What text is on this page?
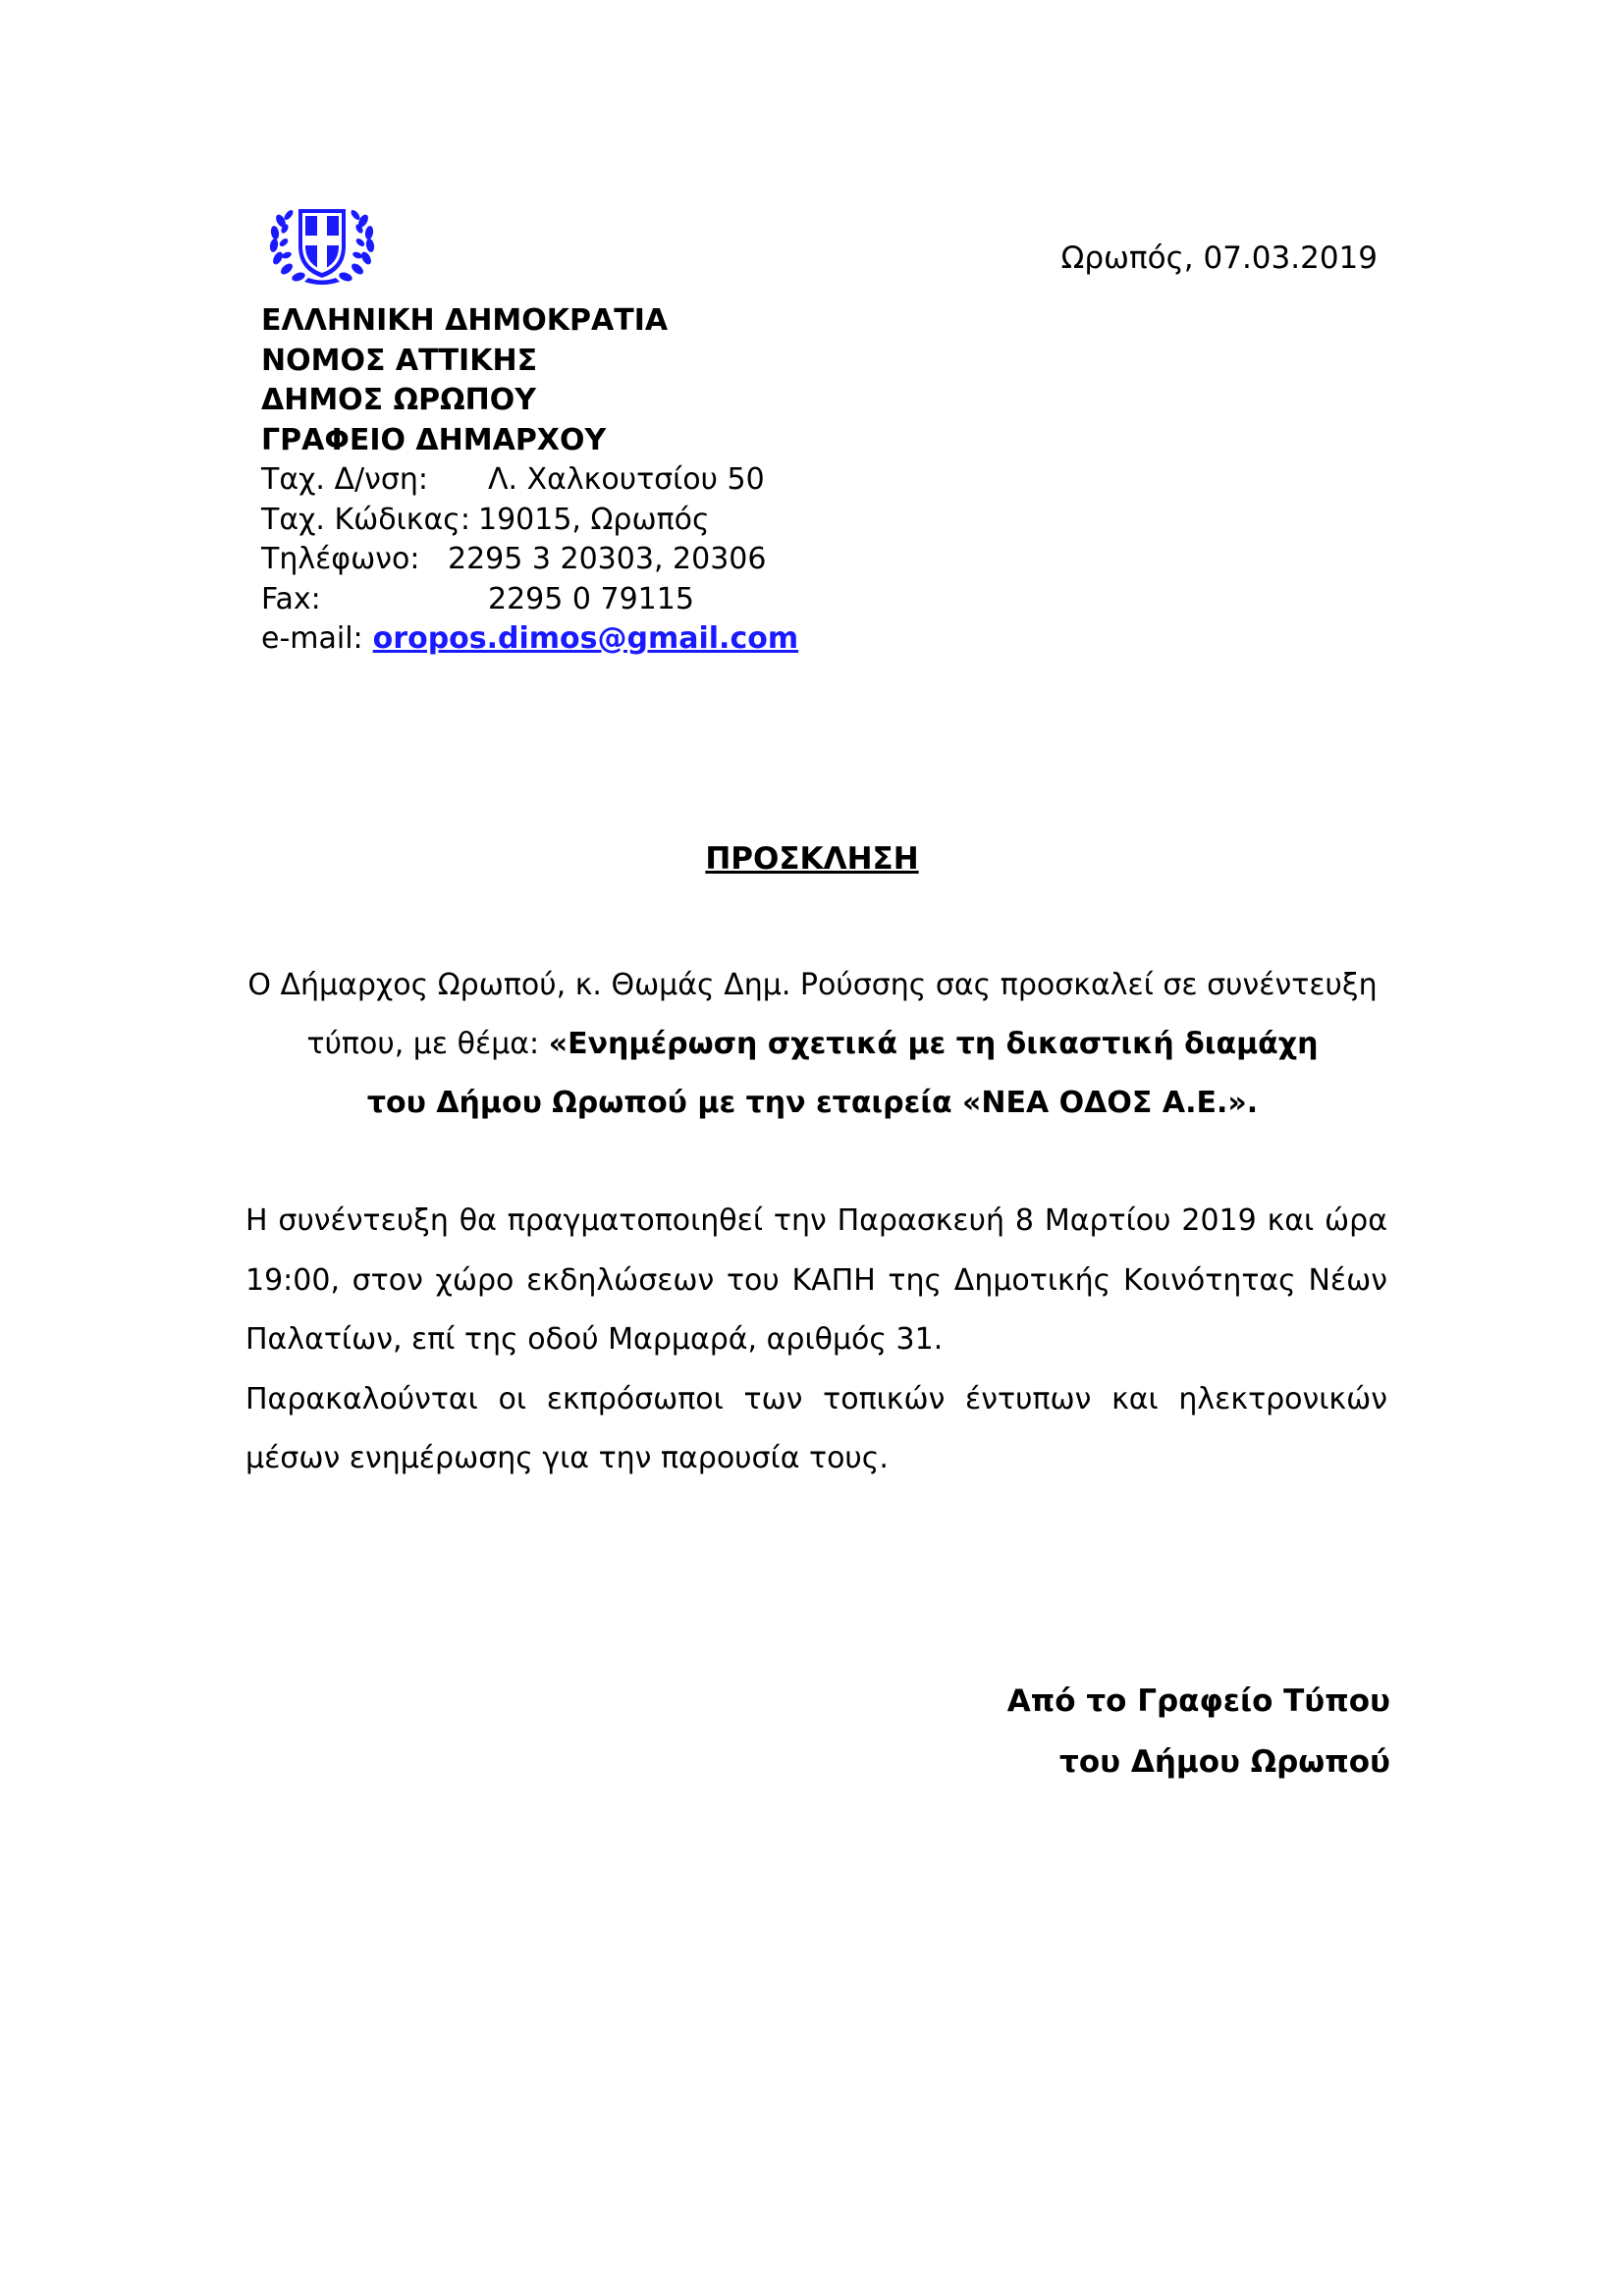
Ωρωπός, 07.03.2019
ΕΛΛΗΝΙΚΗ ΔΗΜΟΚΡΑΤΙΑ
ΝΟΜΟΣ ΑΤΤΙΚΗΣ
ΔΗΜΟΣ ΩΡΩΠΟΥ
ΓΡΑΦΕΙΟ ΔΗΜΑΡΧΟΥ
Ταχ. Δ/νση:	Λ. Χαλκουτσίου 50
Ταχ. Κώδικας: 19015, Ωρωπός
Τηλέφωνο: 2295 3 20303, 20306
Fax:	2295 0 79115
e-mail: oropos.dimos@gmail.com
ΠΡΟΣΚΛΗΣΗ
Ο Δήμαρχος Ωρωπού, κ. Θωμάς Δημ. Ρούσσης σας προσκαλεί σε συνέντευξη
τύπου, με θέμα: «Ενημέρωση σχετικά με τη δικαστική διαμάχη
του Δήμου Ωρωπού με την εταιρεία «ΝΕΑ ΟΔΟΣ Α.Ε.».

Η συνέντευξη θα πραγματοποιηθεί την Παρασκευή 8 Μαρτίου 2019 και ώρα 19:00, στον χώρο εκδηλώσεων του ΚΑΠΗ της Δημοτικής Κοινότητας Νέων Παλατίων, επί της οδού Μαρμαρά, αριθμός 31.

Παρακαλούνται οι εκπρόσωποι των τοπικών έντυπων και ηλεκτρονικών μέσων ενημέρωσης για την παρουσία τους.

Από το Γραφείο Τύπου
του Δήμου Ωρωπού
